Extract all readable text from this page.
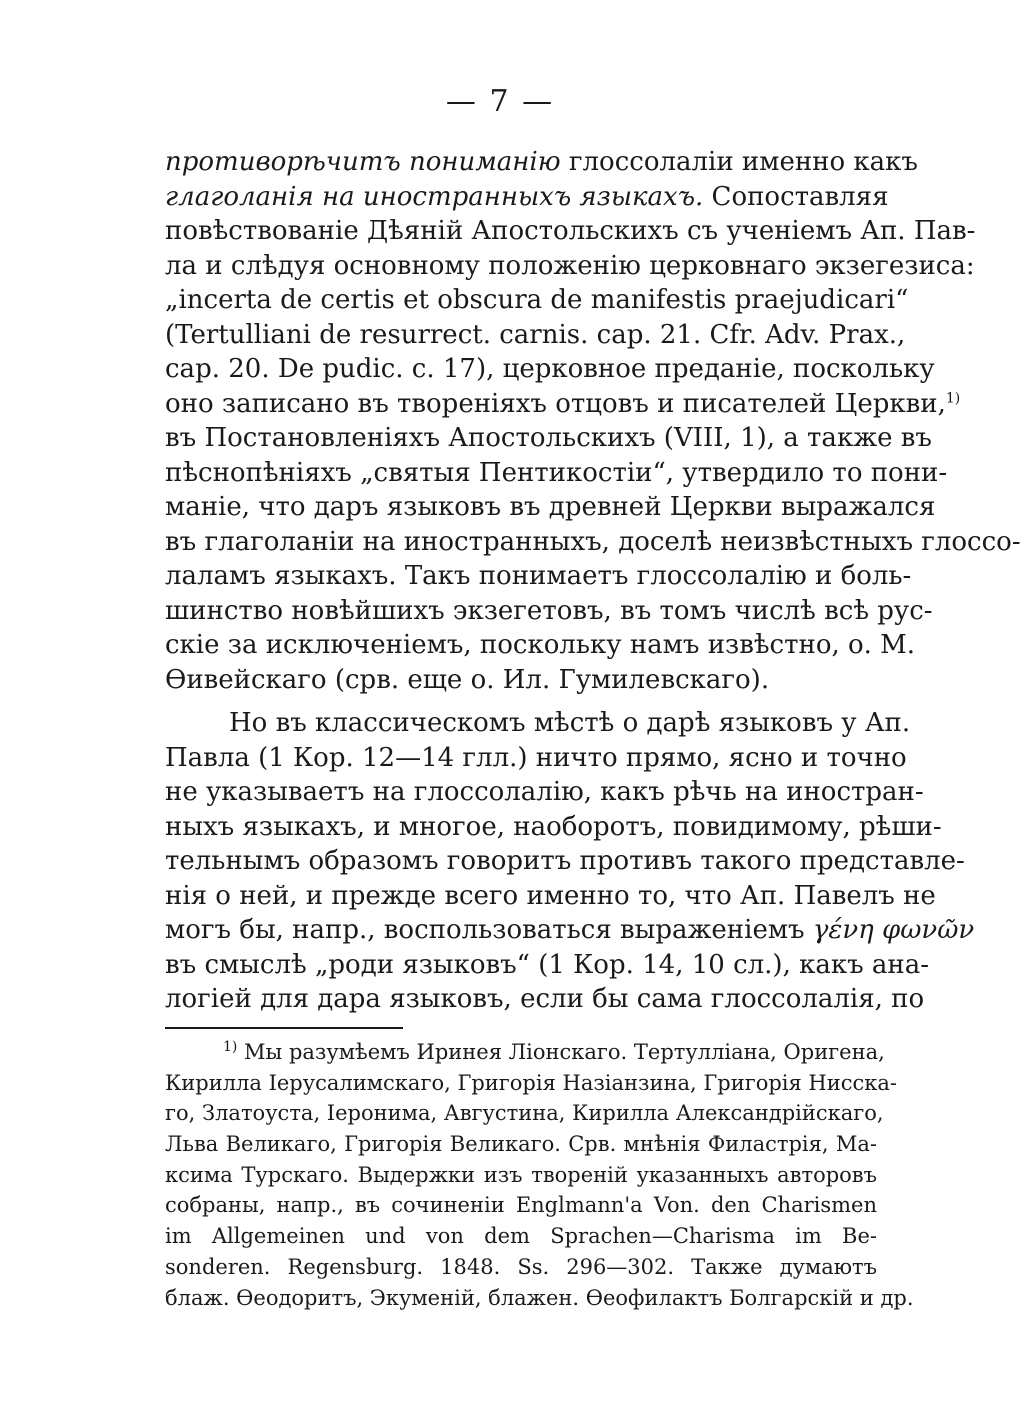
— 7 —
противорѣчитъ пониманію глоссолаліи именно какъ
глаголанія на иностранныхъ языкахъ. Сопоставляя
повѣствованіе Дѣяній Апостольскихъ съ ученіемъ Ап. Пав-
ла и слѣдуя основному положенію церковнаго экзегезиса:
„incerta de certis et obscura de manifestis praejudicari“
(Tertulliani de resurrect. carnis. cap. 21. Cfr. Adv. Prax.,
cap. 20. De pudic. c. 17), церковное преданіе, поскольку
оно записано въ твореніяхъ отцовъ и писателей Церкви,$^{1)}$
въ Постановленіяхъ Апостольскихъ (VIII, 1), а также въ
пѣснопѣніяхъ „святыя Пентикостіи“, утвердило то пони-
маніе, что даръ языковъ въ древней Церкви выражался
въ глаголаніи на иностранныхъ, доселѣ неизвѣстныхъ глоссо-
лаламъ языкахъ. Такъ понимаетъ глоссолалію и боль-
шинство новѣйшихъ экзегетовъ, въ томъ числѣ всѣ рус-
скіе за исключеніемъ, поскольку намъ извѣстно, о. М.
Ѳивейскаго (срв. еще о. Ил. Гумилевскаго).
Но въ классическомъ мѣстѣ о дарѣ языковъ у Ап.
Павла (1 Кор. 12—14 глл.) ничто прямо, ясно и точно
не указываетъ на глоссолалію, какъ рѣчь на иностран-
ныхъ языкахъ, и многое, наоборотъ, повидимому, рѣши-
тельнымъ образомъ говоритъ противъ такого представле-
нія о ней, и прежде всего именно то, что Ап. Павелъ не
могъ бы, напр., воспользоваться выраженіемъ γένη φωνῶν
въ смыслѣ „роди языковъ“ (1 Кор. 14, 10 сл.), какъ ана-
логіей для дара языковъ, если бы сама глоссолалія, по
$^{1)}$ Мы разумѣемъ Иринея Ліонскаго. Тертулліана, Оригена,
Кирилла Іерусалимскаго, Григорія Назіанзина, Григорія Нисска-
го, Златоуста, Іеронима, Августина, Кирилла Александрійскаго,
Льва Великаго, Григорія Великаго. Срв. мнѣнія Филастрія, Ма-
ксима Турскаго. Выдержки изъ твореній указанныхъ авторовъ
собраны, напр., въ сочиненіи Englmann'a Von. den Charismen
im Allgemeinen und von dem Sprachen—Charisma im Be-
sonderen. Regensburg. 1848. Ss. 296—302. Также думаютъ
блаж. Ѳеодоритъ, Экуменій, блажен. Ѳеофилактъ Болгарскій и др.
